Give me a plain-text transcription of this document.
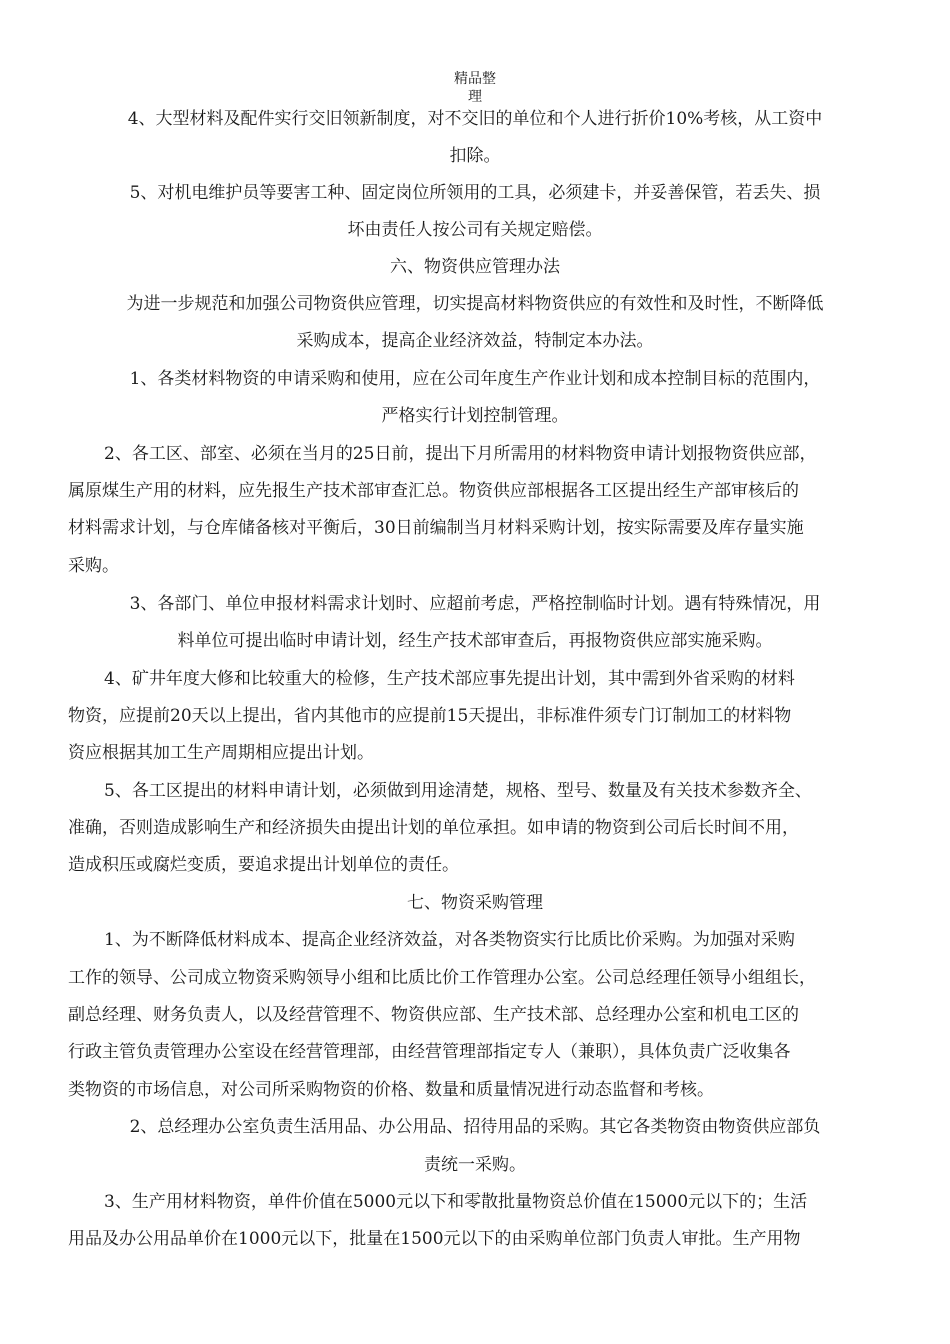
精品整
理
4、大型材料及配件实行交旧领新制度，对不交旧的单位和个人进行折价10%考核，从工资中
扣除。
5、对机电维护员等要害工种、固定岗位所领用的工具，必须建卡，并妥善保管，若丢失、损
坏由责任人按公司有关规定赔偿。
六、物资供应管理办法
为进一步规范和加强公司物资供应管理，切实提高材料物资供应的有效性和及时性，不断降低
采购成本，提高企业经济效益，特制定本办法。
1、各类材料物资的申请采购和使用，应在公司年度生产作业计划和成本控制目标的范围内，
严格实行计划控制管理。
2、各工区、部室、必须在当月的25日前，提出下月所需用的材料物资申请计划报物资供应部，
属原煤生产用的材料，应先报生产技术部审查汇总。物资供应部根据各工区提出经生产部审核后的
材料需求计划，与仓库储备核对平衡后，30日前编制当月材料采购计划，按实际需要及库存量实施
采购。
3、各部门、单位申报材料需求计划时、应超前考虑，严格控制临时计划。遇有特殊情况，用
料单位可提出临时申请计划，经生产技术部审查后，再报物资供应部实施采购。
4、矿井年度大修和比较重大的检修，生产技术部应事先提出计划，其中需到外省采购的材料
物资，应提前20天以上提出，省内其他市的应提前15天提出，非标准件须专门订制加工的材料物
资应根据其加工生产周期相应提出计划。
5、各工区提出的材料申请计划，必须做到用途清楚，规格、型号、数量及有关技术参数齐全、
准确，否则造成影响生产和经济损失由提出计划的单位承担。如申请的物资到公司后长时间不用，
造成积压或腐烂变质，要追求提出计划单位的责任。
七、物资采购管理
1、为不断降低材料成本、提高企业经济效益，对各类物资实行比质比价采购。为加强对采购
工作的领导、公司成立物资采购领导小组和比质比价工作管理办公室。公司总经理任领导小组组长，
副总经理、财务负责人，以及经营管理不、物资供应部、生产技术部、总经理办公室和机电工区的
行政主管负责管理办公室设在经营管理部，由经营管理部指定专人（兼职），具体负责广泛收集各
类物资的市场信息，对公司所采购物资的价格、数量和质量情况进行动态监督和考核。
2、总经理办公室负责生活用品、办公用品、招待用品的采购。其它各类物资由物资供应部负
责统一采购。
3、生产用材料物资，单件价值在5000元以下和零散批量物资总价值在15000元以下的；生活
用品及办公用品单价在1000元以下，批量在1500元以下的由采购单位部门负责人审批。生产用物
